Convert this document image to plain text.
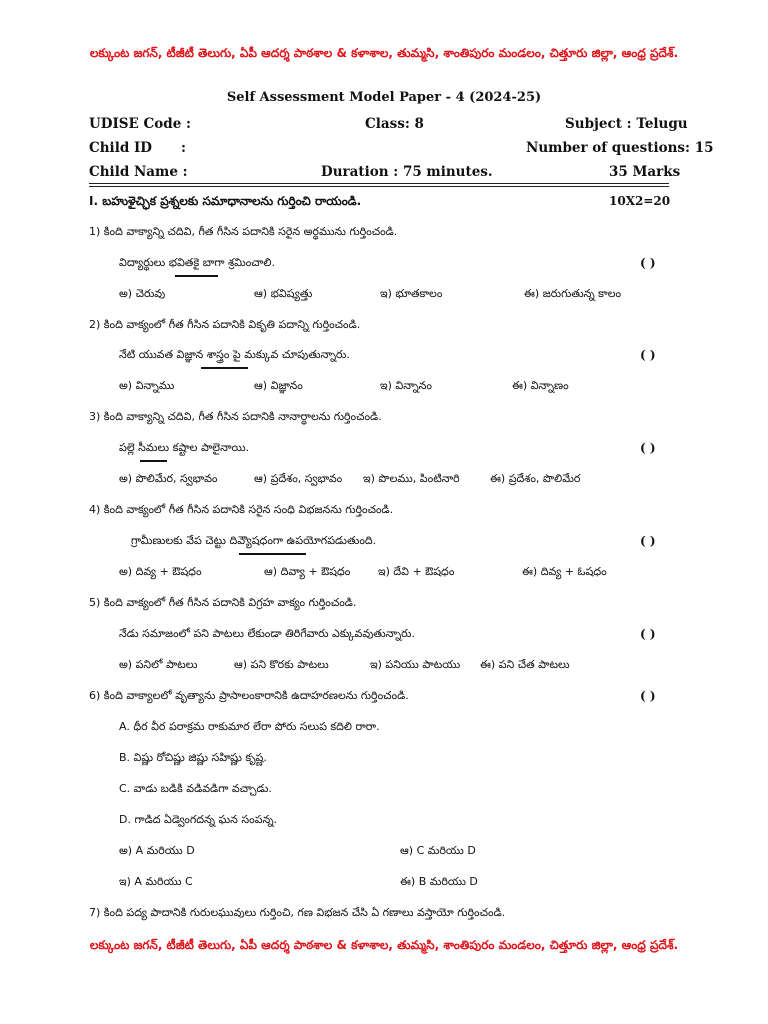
లక్కుంట జగన్, టీజీటీ తెలుగు, ఏపీ ఆదర్శ పాఠశాల & కళాశాల, తుమ్మసి, శాంతిపురం మండలం, చిత్తూరు జిల్లా, ఆంధ్ర ప్రదేశ్.
Self Assessment Model Paper - 4 (2024-25)
UDISE Code :	Class: 8	Subject : Telugu
Child ID :	Number of questions: 15
Child Name :	Duration : 75 minutes.	35 Marks
I. బహుళైచ్ఛిక ప్రశ్నలకు సమాధానాలను గుర్తించి రాయండి.	10X2=20
1) కింది వాక్యాన్ని చదివి, గీత గీసిన పదానికి సరైన అర్థమును గుర్తించండి.
విద్యార్థులు భవితకై బాగా శ్రమించాలి.	( )
అ) చెరువు	ఆ) భవిష్యత్తు	ఇ) భూతకాలం	ఈ) జరుగుతున్న కాలం
2) కింది వాక్యంలో గీత గీసిన పదానికి వికృతి పదాన్ని గుర్తించండి.
నేటి యువత విజ్ఞాన శాస్త్రం పై మక్కువ చూపుతున్నారు.	( )
అ) విన్నాము	ఆ) విజ్ఞానం	ఇ) విన్నానం	ఈ) విన్నాణం
3) కింది వాక్యాన్ని చదివి, గీత గీసిన పదానికి నానార్థాలను గుర్తించండి.
పల్లె సీమలు కష్టాల పాలైనాయి.	( )
అ) పొలిమేర, స్వభావం	ఆ) ప్రదేశం, స్వభావం ఇ) పొలము, పింటినారి	ఈ) ప్రదేశం, పొలిమేర
4) కింది వాక్యంలో గీత గీసిన పదానికి సరైన సంధి విభజనను గుర్తించండి.
గ్రామీణులకు వేప చెట్టు దివ్యౌషధంగా ఉపయోగపడుతుంది.	( )
అ) దివ్య + ఔషధం	ఆ) దివ్యా + ఔషధం	ఇ) దేవి + ఔషధం	ఈ) దివ్య + ఓషధం
5) కింది వాక్యంలో గీత గీసిన పదానికి విగ్రహ వాక్యం గుర్తించండి.
నేడు సమాజంలో పని పాటలు లేకుండా తిరిగేవారు ఎక్కువవుతున్నారు.	( )
అ) పనిలో పాటలు	ఆ) పని కొరకు పాటలు	ఇ) పనియు పాటయు ఈ) పని చేత పాటలు
6) కింది వాక్యాలలో వృత్యాను ప్రాసాలంకారానికి ఉదాహరణలను గుర్తించండి.	( )
A. ధీర వీర పరాక్రమ రాకుమార లేరా పోరు సలుప కదిలి రారా.
B. విష్ణు రోచిష్ణు జిష్ణు సహిష్ణు కృష్ణ.
C. వాడు బడికి వడివడిగా వచ్చాడు.
D. గాడిద ఏడ్వెంగదన్న ఘన సంపన్న.
అ) A మరియు D	ఆ) C మరియు D
ఇ) A మరియు C	ఈ) B మరియు D
7) కింది పద్య పాదానికి గురులఘువులు గుర్తించి, గణ విభజన చేసి ఏ గణాలు వస్తాయో గుర్తించండి.
లక్కుంట జగన్, టీజీటీ తెలుగు, ఏపీ ఆదర్శ పాఠశాల & కళాశాల, తుమ్మసి, శాంతిపురం మండలం, చిత్తూరు జిల్లా, ఆంధ్ర ప్రదేశ్.
